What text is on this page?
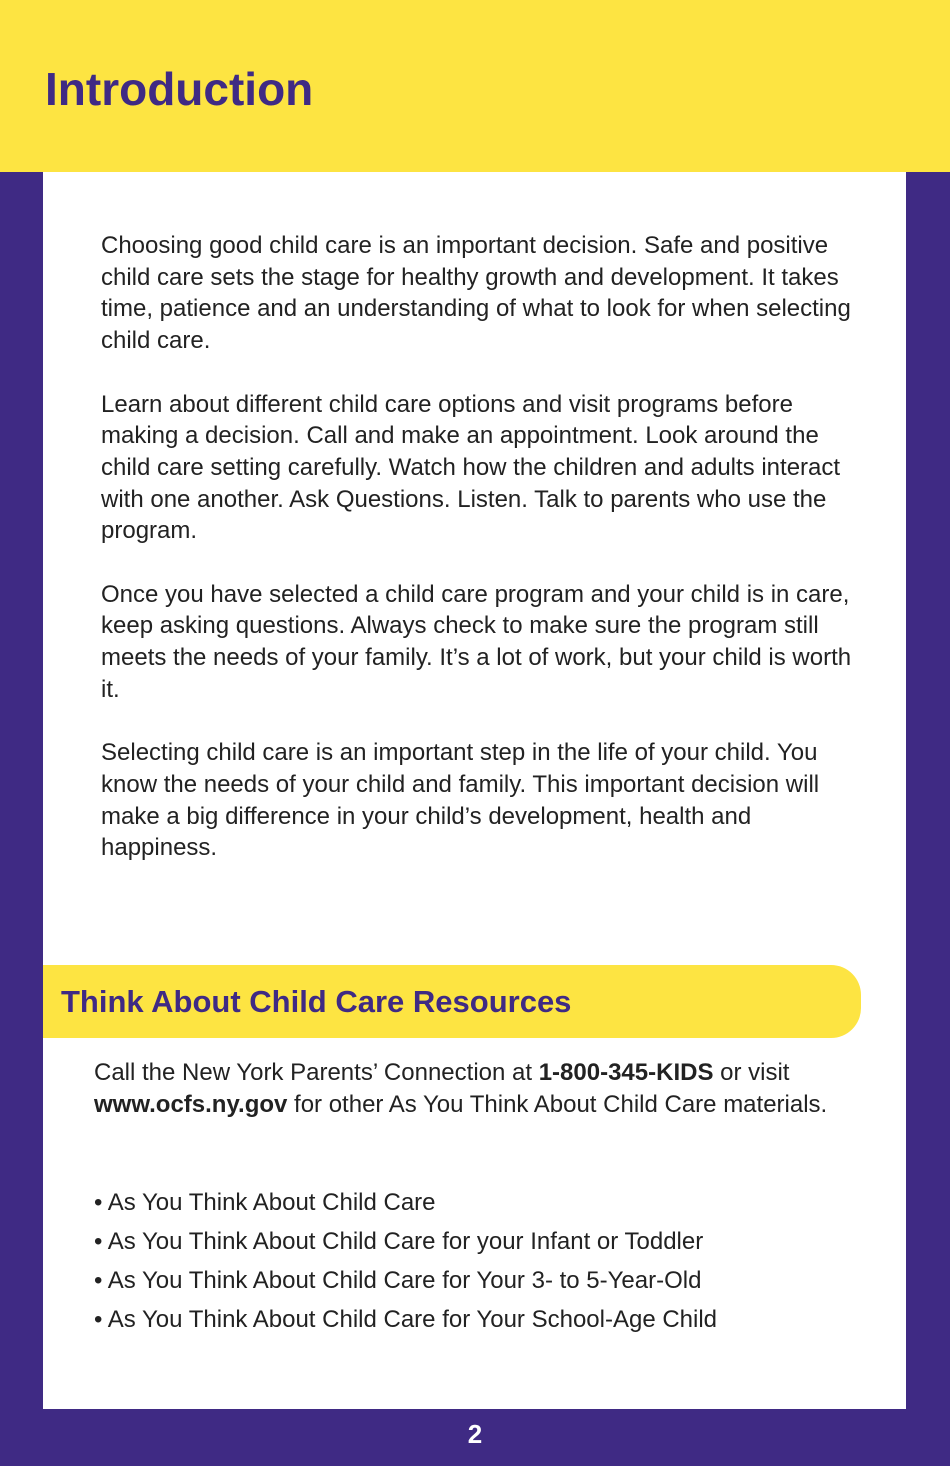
Introduction

Choosing good child care is an important decision. Safe and positive child care sets the stage for healthy growth and development. It takes time, patience and an understanding of what to look for when selecting child care.

Learn about different child care options and visit programs before making a decision. Call and make an appointment. Look around the child care setting carefully. Watch how the children and adults interact with one another. Ask Questions. Listen. Talk to parents who use the program.

Once you have selected a child care program and your child is in care, keep asking questions. Always check to make sure the program still meets the needs of your family. It’s a lot of work, but your child is worth it.

Selecting child care is an important step in the life of your child. You know the needs of your child and family. This important decision will make a big difference in your child’s development, health and happiness.

Think About Child Care Resources

Call the New York Parents’ Connection at 1-800-345-KIDS or visit www.ocfs.ny.gov for other As You Think About Child Care materials.

• As You Think About Child Care
• As You Think About Child Care for your Infant or Toddler
• As You Think About Child Care for Your 3- to 5-Year-Old
• As You Think About Child Care for Your School-Age Child
2
